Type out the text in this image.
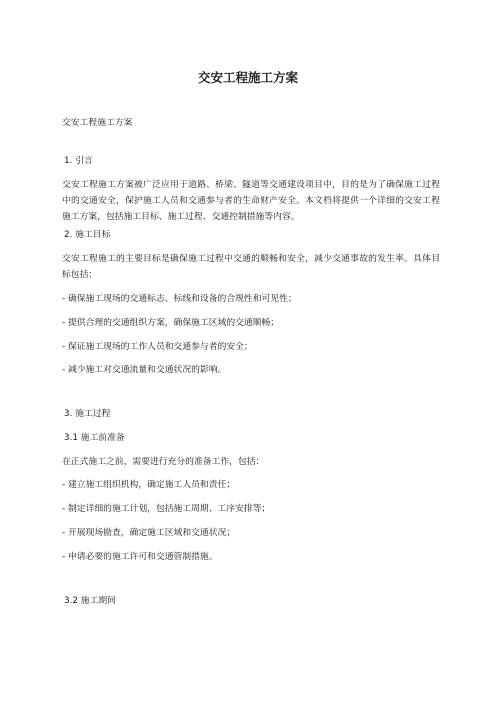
交安工程施工方案

交安工程施工方案

1. 引言

交安工程施工方案被广泛应用于道路、桥梁、隧道等交通建设项目中，目的是为了确保施工过程中的交通安全，保护施工人员和交通参与者的生命财产安全。本文档将提供一个详细的交安工程施工方案，包括施工目标、施工过程、交通控制措施等内容。

2. 施工目标

交安工程施工的主要目标是确保施工过程中交通的顺畅和安全，减少交通事故的发生率。具体目标包括：

- 确保施工现场的交通标志、标线和设备的合规性和可见性；

- 提供合理的交通组织方案，确保施工区域的交通顺畅；

- 保证施工现场的工作人员和交通参与者的安全；

- 减少施工对交通流量和交通状况的影响。

3. 施工过程

3.1 施工前准备

在正式施工之前，需要进行充分的准备工作，包括：

- 建立施工组织机构，确定施工人员和责任；

- 制定详细的施工计划，包括施工周期、工序安排等；

- 开展现场勘查，确定施工区域和交通状况；

- 申请必要的施工许可和交通管制措施。

3.2 施工期间
